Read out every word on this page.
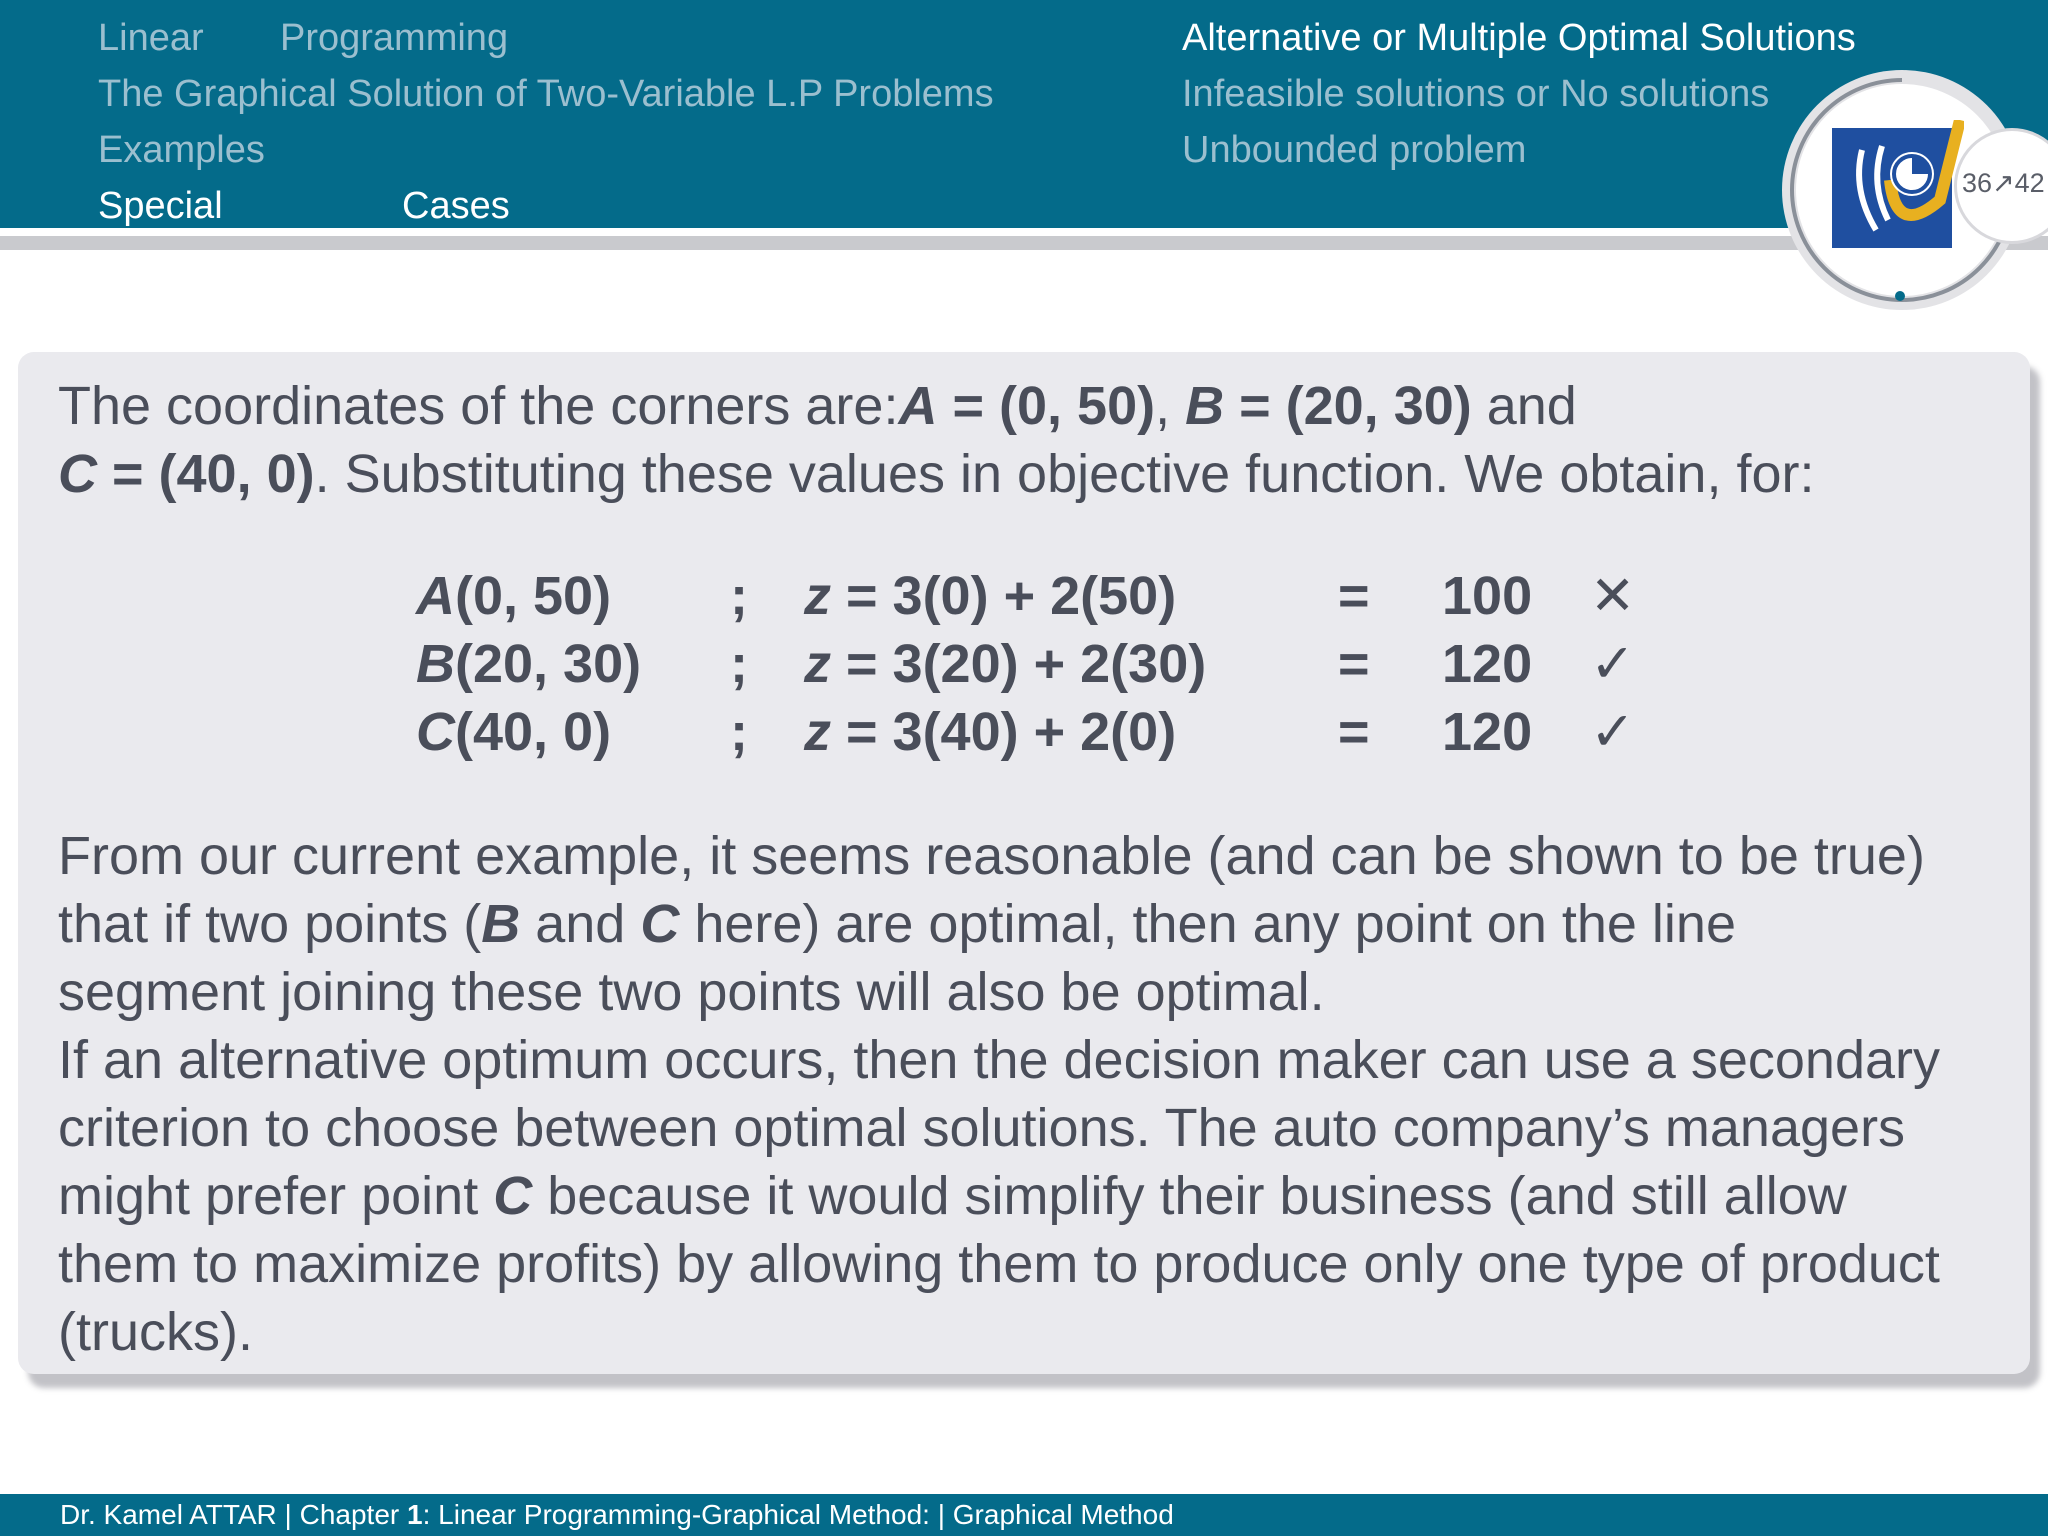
Linear Programming
The Graphical Solution of Two-Variable L.P Problems
Examples
Special	Cases
Alternative or Multiple Optimal Solutions
Infeasible solutions or No solutions
Unbounded problem
36↗42
The coordinates of the corners are:A = (0, 50), B = (20, 30) and
C = (40, 0). Substituting these values in objective function. We obtain, for:
A(0, 50) ; z = 3(0) + 2(50)	= 100 ✕
B(20, 30) ; z = 3(20) + 2(30) = 120 ✓
C(40, 0) ; z = 3(40) + 2(0)	= 120 ✓
From our current example, it seems reasonable (and can be shown to be true)
that if two points (B and C here) are optimal, then any point on the line
segment joining these two points will also be optimal.
If an alternative optimum occurs, then the decision maker can use a secondary
criterion to choose between optimal solutions. The auto company’s managers
might prefer point C because it would simplify their business (and still allow
them to maximize profits) by allowing them to produce only one type of product
(trucks).
Dr. Kamel ATTAR | Chapter 1: Linear Programming-Graphical Method: | Graphical Method
